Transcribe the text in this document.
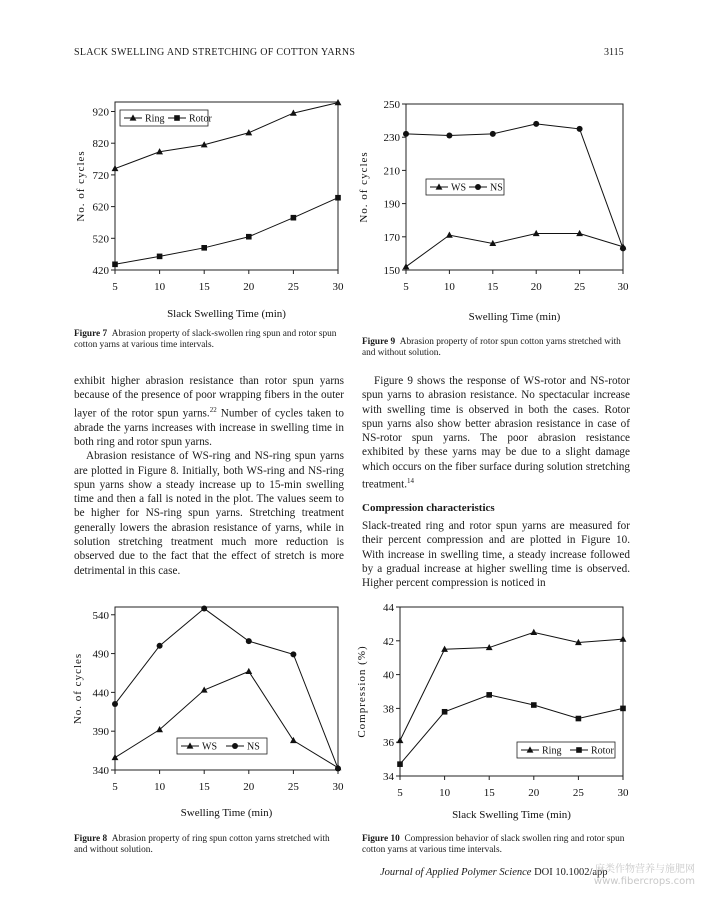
SLACK SWELLING AND STRETCHING OF COTTON YARNS	3115
420
520
620
720
820
920
5	10	15	20	25	30
Slack Swelling Time (min)
No. of cycles
Ring Rotor
Figure 7 Abrasion property of slack-swollen ring spun and rotor spun cotton yarns at various time intervals.
150
170
190
210
230
250
5	10	15	20	25	30
Swelling Time (min)
No. of cycles	WS NS
Figure 9 Abrasion property of rotor spun cotton yarns stretched with and without solution.

exhibit higher abrasion resistance than rotor spun yarns because of the presence of poor wrapping fibers in the outer layer of the rotor spun yarns.$^{22}$ Number of cycles taken to abrade the yarns increases with increase in swelling time in both ring and rotor spun yarns.

Abrasion resistance of WS-ring and NS-ring spun yarns are plotted in Figure 8. Initially, both WS-ring and NS-ring spun yarns show a steady increase up to 15-min swelling time and then a fall is noted in the plot. The values seem to be higher for NS-ring spun yarns. Stretching treatment generally lowers the abrasion resistance of yarns, while in solution stretching treatment much more reduction is observed due to the fact that the effect of stretch is more detrimental in this case.

Figure 9 shows the response of WS-rotor and NS-rotor spun yarns to abrasion resistance. No spectacular increase with swelling time is observed in both the cases. Rotor spun yarns also show better abrasion resistance in case of NS-rotor spun yarns. The poor abrasion resistance exhibited by these yarns may be due to a slight damage which occurs on the fiber surface during solution stretching treatment.$^{14}$

Compression characteristics

Slack-treated ring and rotor spun yarns are measured for their percent compression and are plotted in Figure 10. With increase in swelling time, a steady increase followed by a gradual increase at higher swelling time is observed. Higher percent compression is noticed in

340
390
440
490
540
5	10	15	20	25	30
Swelling Time (min)
No. of cycles
WS	NS
Figure 8 Abrasion property of ring spun cotton yarns stretched with and without solution.
34
36
38
40
42
44
5	10	15	20	25	30
Slack Swelling Time (min)
Compression (%)
Ring	Rotor
Figure 10 Compression behavior of slack swollen ring and rotor spun cotton yarns at various time intervals.
Journal of Applied Polymer Science DOI 10.1002/app
麻类作物营养与施肥网
www.fibercrops.com
